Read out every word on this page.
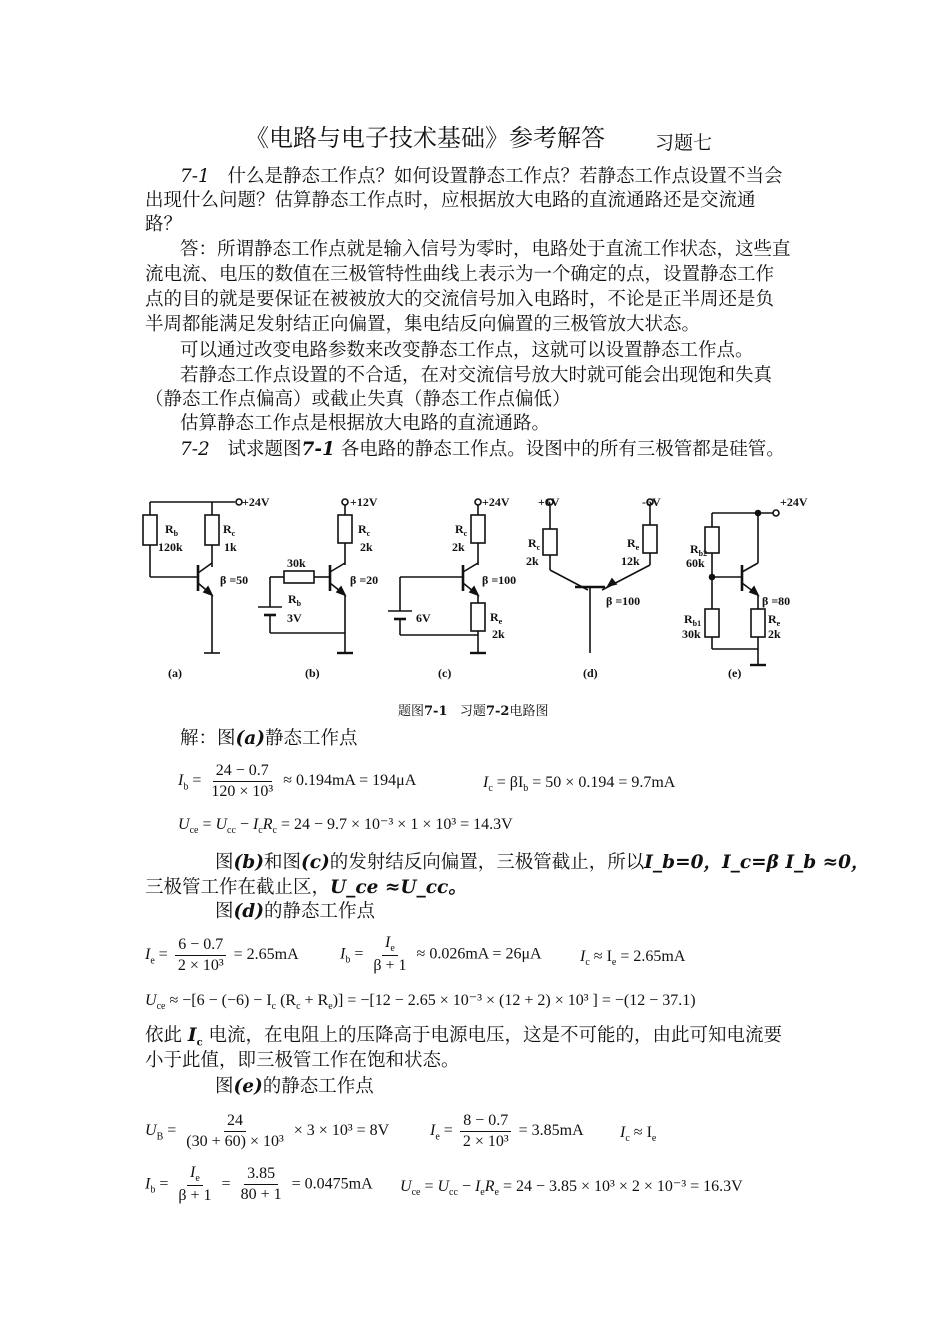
《电路与电子技术基础》参考解答	习题七
7-1 什么是静态工作点？如何设置静态工作点？若静态工作点设置不当会
出现什么问题？估算静态工作点时，应根据放大电路的直流通路还是交流通
路？
答：所谓静态工作点就是输入信号为零时，电路处于直流工作状态，这些直
流电流、电压的数值在三极管特性曲线上表示为一个确定的点，设置静态工作
点的目的就是要保证在被被放大的交流信号加入电路时，不论是正半周还是负
半周都能满足发射结正向偏置，集电结反向偏置的三极管放大状态。
可以通过改变电路参数来改变静态工作点，这就可以设置静态工作点。
若静态工作点设置的不合适，在对交流信号放大时就可能会出现饱和失真
（静态工作点偏高）或截止失真（静态工作点偏低）
估算静态工作点是根据放大电路的直流通路。
7-2 试求题图7-1 各电路的静态工作点。设图中的所有三极管都是硅管。
+24V
$R_b$
120k
$R_c$
1k
β =50
(a)
+12V
$R_c$
2k
30k
$R_b$
3V
β =20
(b)
+24V
$R_c$
2k
β =100
6V	$R_e$
2k
(c)
+6V	-6V
$R_c$
2k
$R_e$
12k
β =100
(d)
+24V
$R_{b2}$
60k
β =80
$R_{b1}$
30k
$R_e$
2k
(e)
题图7-1 习题7-2电路图
解：图(a)静态工作点
$I_b = \frac{24 - 0.7}{\text{120 × 10³}} \approx 0.194mA = 194\mu A$	$I_c = \beta I_b = 50 \times 0.194 = 9.7mA$
$U_{ce} = U_{cc} - I_cR_c = 24 - 9.7 \times 10^{-3} \times 1 \times 10^3 = 14.3V$
图(b)和图(c)的发射结反向偏置，三极管截止，所以I_b=0，I_c=β I_b ≈0，
三极管工作在截止区，U_ce ≈U_cc。
图(d)的静态工作点
$I_e = \frac{6 - 0.7}{\text{2 × 10³}} = 2.65mA$	$I_b = \frac{I_e}{\beta + 1} \approx 0.026mA = 26\mu A$ $I_c \approx I_e = 2.65mA$
$U_{ce} \approx -[6 - (-6) - I_c$ $(R_c + R_e)] = -[12 - 2.65 \times 10^{-3} \times (12 + 2) \times 10^3$ ] = −(12 − 37.1)
依此 $I_c$ 电流，在电阻上的压降高于电源电压，这是不可能的，由此可知电流要
小于此值，即三极管工作在饱和状态。
图(e)的静态工作点
$U_B = \frac{24}{\text{(30 + 60) × 10³}} \times 3 \times 10^3 = 8V$	$I_e = \frac{8 - 0.7}{\text{2 × 10³}} = 3.85mA$ $I_c \approx I_e$
$I_b = \frac{I_e}{\beta + 1} = \frac{3.85}{80 + 1} = 0.0475mA$ $U_{ce} = U_{cc} - I_eR_e = 24 - 3.85 \times 10^3 \times 2 \times 10^{-3} = 16.3V$
